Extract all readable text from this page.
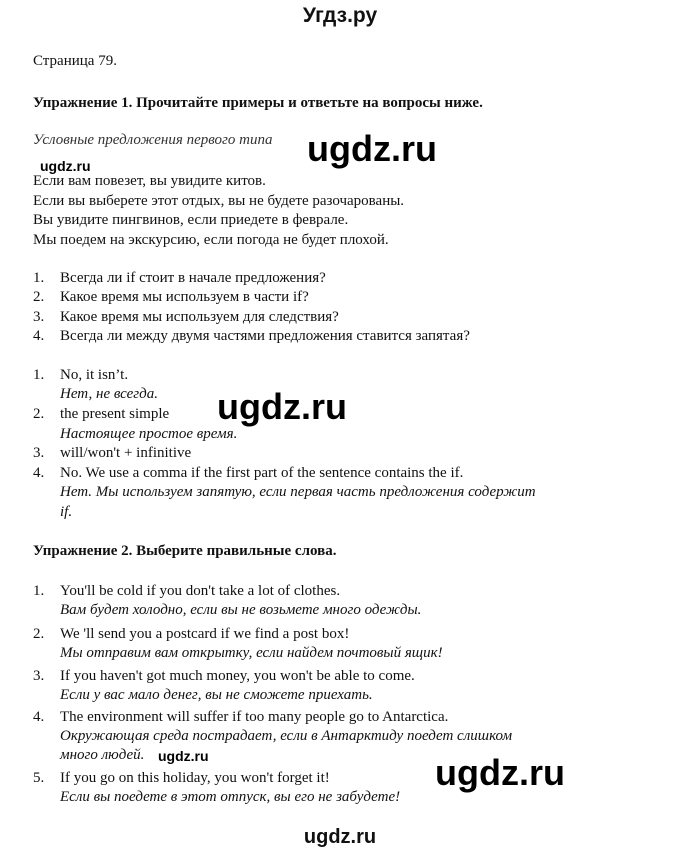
Угдз.ру
Страница 79.
Упражнение 1. Прочитайте примеры и ответьте на вопросы ниже.
Условные предложения первого типа ugdz.ru
ugdz.ru
Если вам повезет, вы увидите китов.
Если вы выберете этот отдых, вы не будете разочарованы.
Вы увидите пингвинов, если приедете в феврале.
Мы поедем на экскурсию, если погода не будет плохой.
1. Всегда ли if стоит в начале предложения?
2. Какое время мы используем в части if?
3. Какое время мы используем для следствия?
4. Всегда ли между двумя частями предложения ставится запятая?
1. No, it isn’t.
Нет, не всегда. ugdz.ru
2. the present simple
Настоящее простое время.
3. will/won't + infinitive
4. No. We use a comma if the first part of the sentence contains the if.
Нет. Мы используем запятую, если первая часть предложения содержит
if.
Упражнение 2. Выберите правильные слова.
1. You'll be cold if you don't take a lot of clothes.
Вам будет холодно, если вы не возьмете много одежды.
2. We 'll send you a postcard if we find a post box!
Мы отправим вам открытку, если найдем почтовый ящик!
3. If you haven't got much money, you won't be able to come.
Если у вас мало денег, вы не сможете приехать.
4. The environment will suffer if too many people go to Antarctica.
Окружающая среда пострадает, если в Антарктиду поедет слишком
много людей. ugdz.ru
5. If you go on this holiday, you won't forget it!
Если вы поедете в этот отпуск, вы его не забудете!
ugdz.ru
ugdz.ru
